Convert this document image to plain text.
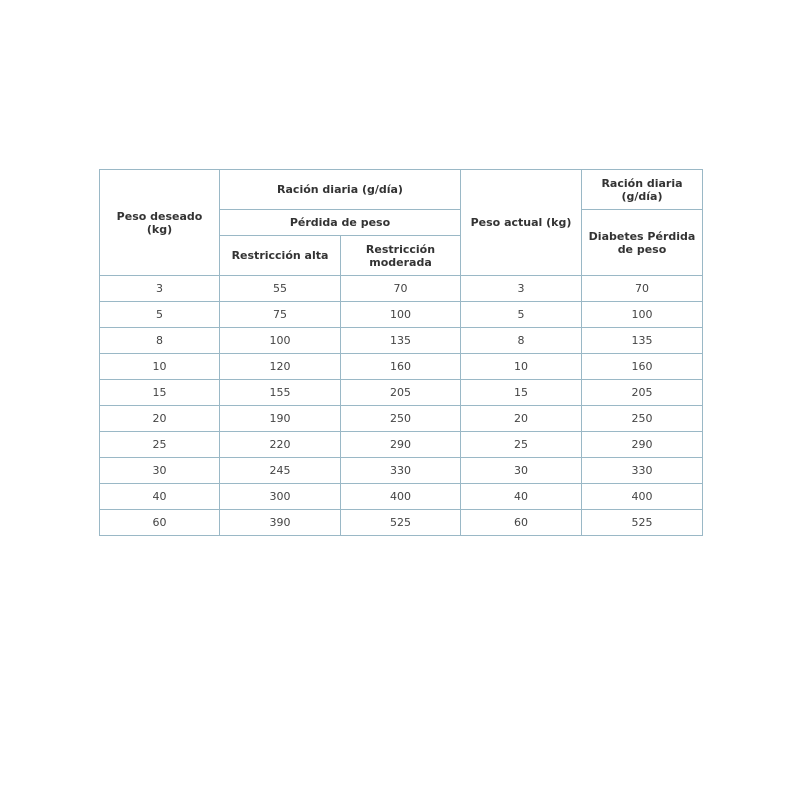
Peso deseado (kg)	Ración diaria (g/día)		Peso actual (kg)	Ración diaria (g/día)
	Pérdida de peso			Diabetes Pérdida de peso
	Restricción alta	Restricción moderada		
3	55	70	3	70
5	75	100	5	100
8	100	135	8	135
10	120	160	10	160
15	155	205	15	205
20	190	250	20	250
25	220	290	25	290
30	245	330	30	330
40	300	400	40	400
60	390	525	60	525
